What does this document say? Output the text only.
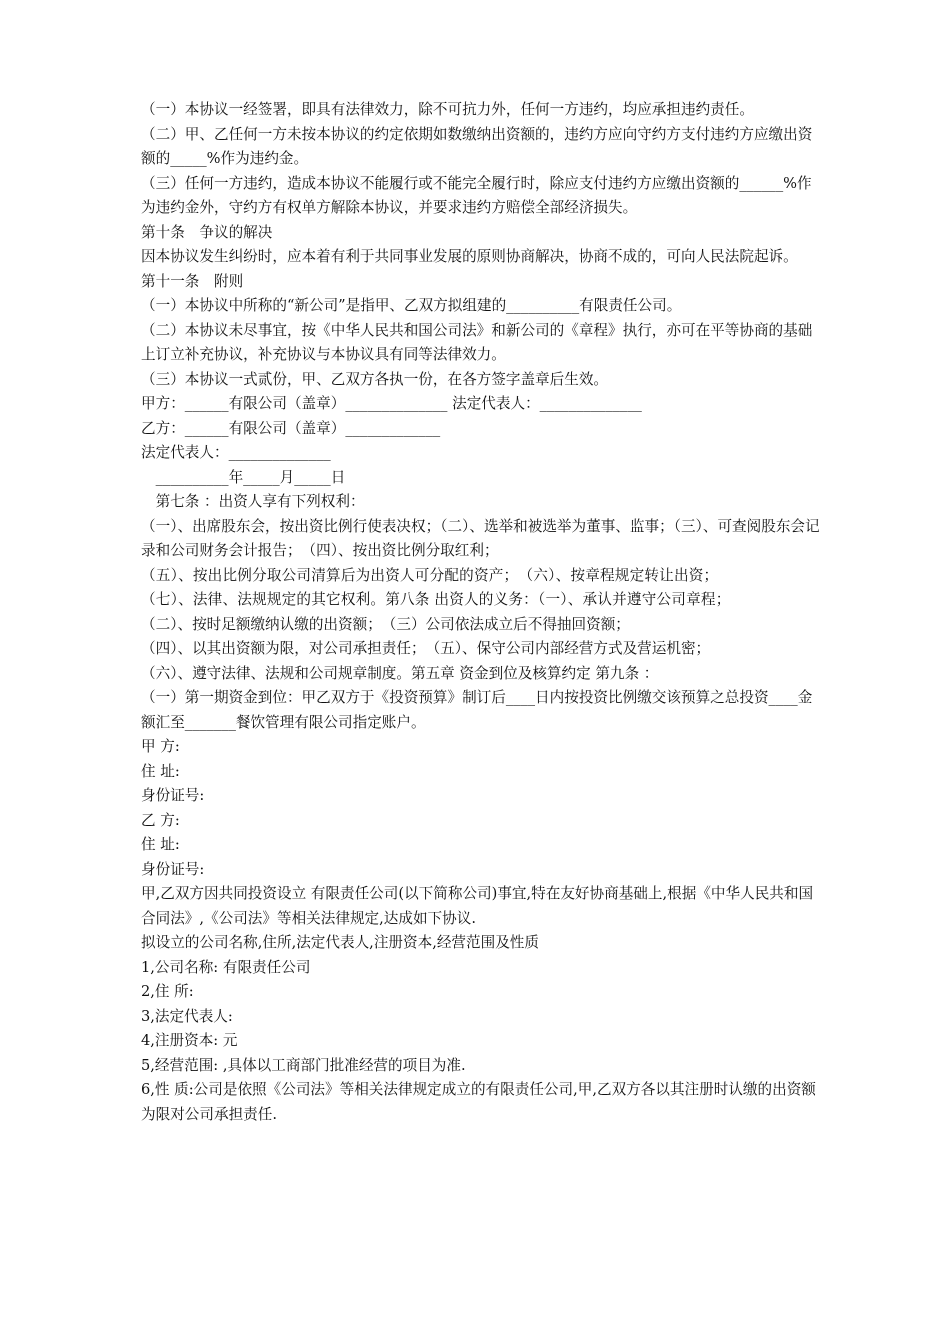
（一）本协议一经签署，即具有法律效力，除不可抗力外，任何一方违约，均应承担违约责任。

（二）甲、乙任何一方未按本协议的约定依期如数缴纳出资额的，违约方应向守约方支付违约方应缴出资额的_____%作为违约金。

（三）任何一方违约，造成本协议不能履行或不能完全履行时，除应支付违约方应缴出资额的______%作为违约金外，守约方有权单方解除本协议，并要求违约方赔偿全部经济损失。

第十条　争议的解决

因本协议发生纠纷时，应本着有利于共同事业发展的原则协商解决，协商不成的，可向人民法院起诉。

第十一条　附则

（一）本协议中所称的“新公司”是指甲、乙双方拟组建的__________有限责任公司。

（二）本协议未尽事宜，按《中华人民共和国公司法》和新公司的《章程》执行，亦可在平等协商的基础上订立补充协议，补充协议与本协议具有同等法律效力。

（三）本协议一式贰份，甲、乙双方各执一份，在各方签字盖章后生效。

甲方：______有限公司（盖章）______________ 法定代表人：______________

乙方：______有限公司（盖章）_____________

法定代表人：______________

　__________年_____月_____日

　第七条 ：出资人享有下列权利：

（一）、出席股东会，按出资比例行使表决权；（二）、选举和被选举为董事、监事；（三）、可查阅股东会记录和公司财务会计报告；　（四）、按出资比例分取红利；

（五）、按出比例分取公司清算后为出资人可分配的资产；　（六）、按章程规定转让出资；

（七）、法律、法规规定的其它权利。第八条 出资人的义务：（一）、承认并遵守公司章程；

（二）、按时足额缴纳认缴的出资额；　（三）公司依法成立后不得抽回资额；

（四）、以其出资额为限，对公司承担责任；　（五）、保守公司内部经营方式及营运机密；

（六）、遵守法律、法规和公司规章制度。第五章 资金到位及核算约定 第九条 ：

（一）第一期资金到位：甲乙双方于《投资预算》制订后____日内按投资比例缴交该预算之总投资____金额汇至_______餐饮管理有限公司指定账户。

甲 方:

住 址:

身份证号:

乙 方:

住 址:

身份证号:

甲,乙双方因共同投资设立 有限责任公司(以下简称公司)事宜,特在友好协商基础上,根据《中华人民共和国合同法》,《公司法》等相关法律规定,达成如下协议.

拟设立的公司名称,住所,法定代表人,注册资本,经营范围及性质

1,公司名称: 有限责任公司

2,住 所:

3,法定代表人:

4,注册资本: 元

5,经营范围: ,具体以工商部门批准经营的项目为准.

6,性 质:公司是依照《公司法》等相关法律规定成立的有限责任公司,甲,乙双方各以其注册时认缴的出资额为限对公司承担责任.
